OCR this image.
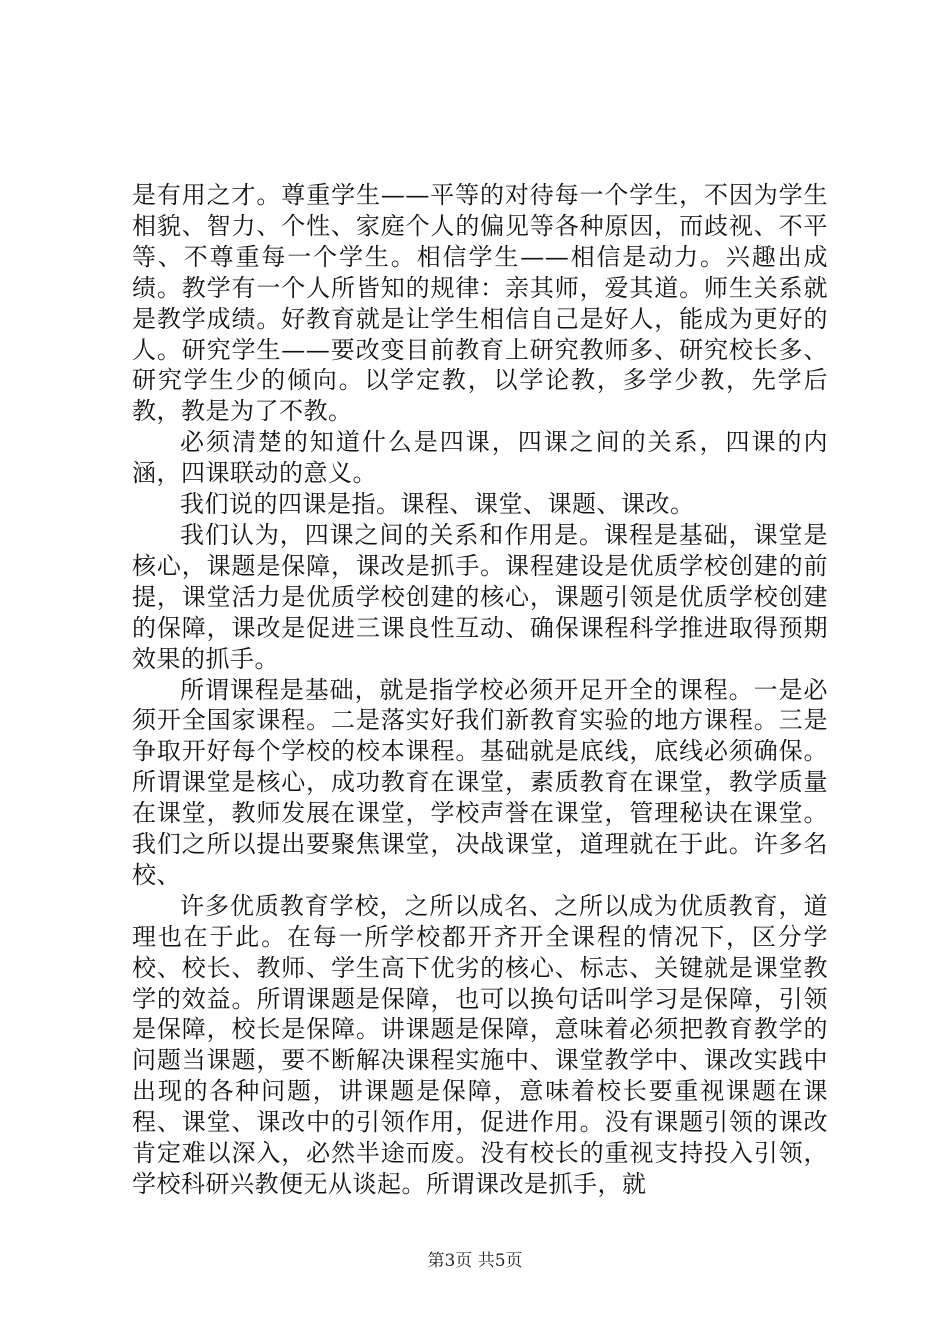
是有用之才。尊重学生——平等的对待每一个学生，不因为学生相貌、智力、个性、家庭个人的偏见等各种原因，而歧视、不平等、不尊重每一个学生。相信学生——相信是动力。兴趣出成绩。教学有一个人所皆知的规律：亲其师，爱其道。师生关系就是教学成绩。好教育就是让学生相信自己是好人，能成为更好的人。研究学生——要改变目前教育上研究教师多、研究校长多、研究学生少的倾向。以学定教，以学论教，多学少教，先学后教，教是为了不教。

必须清楚的知道什么是四课，四课之间的关系，四课的内涵，四课联动的意义。

我们说的四课是指。课程、课堂、课题、课改。

我们认为，四课之间的关系和作用是。课程是基础，课堂是核心，课题是保障，课改是抓手。课程建设是优质学校创建的前提，课堂活力是优质学校创建的核心，课题引领是优质学校创建的保障，课改是促进三课良性互动、确保课程科学推进取得预期效果的抓手。

所谓课程是基础，就是指学校必须开足开全的课程。一是必须开全国家课程。二是落实好我们新教育实验的地方课程。三是争取开好每个学校的校本课程。基础就是底线，底线必须确保。所谓课堂是核心，成功教育在课堂，素质教育在课堂，教学质量在课堂，教师发展在课堂，学校声誉在课堂，管理秘诀在课堂。我们之所以提出要聚焦课堂，决战课堂，道理就在于此。许多名校、

许多优质教育学校，之所以成名、之所以成为优质教育，道理也在于此。在每一所学校都开齐开全课程的情况下，区分学校、校长、教师、学生高下优劣的核心、标志、关键就是课堂教学的效益。所谓课题是保障，也可以换句话叫学习是保障，引领是保障，校长是保障。讲课题是保障，意味着必须把教育教学的问题当课题，要不断解决课程实施中、课堂教学中、课改实践中出现的各种问题，讲课题是保障，意味着校长要重视课题在课程、课堂、课改中的引领作用，促进作用。没有课题引领的课改肯定难以深入，必然半途而废。没有校长的重视支持投入引领，学校科研兴教便无从谈起。所谓课改是抓手，就

第3页 共5页
